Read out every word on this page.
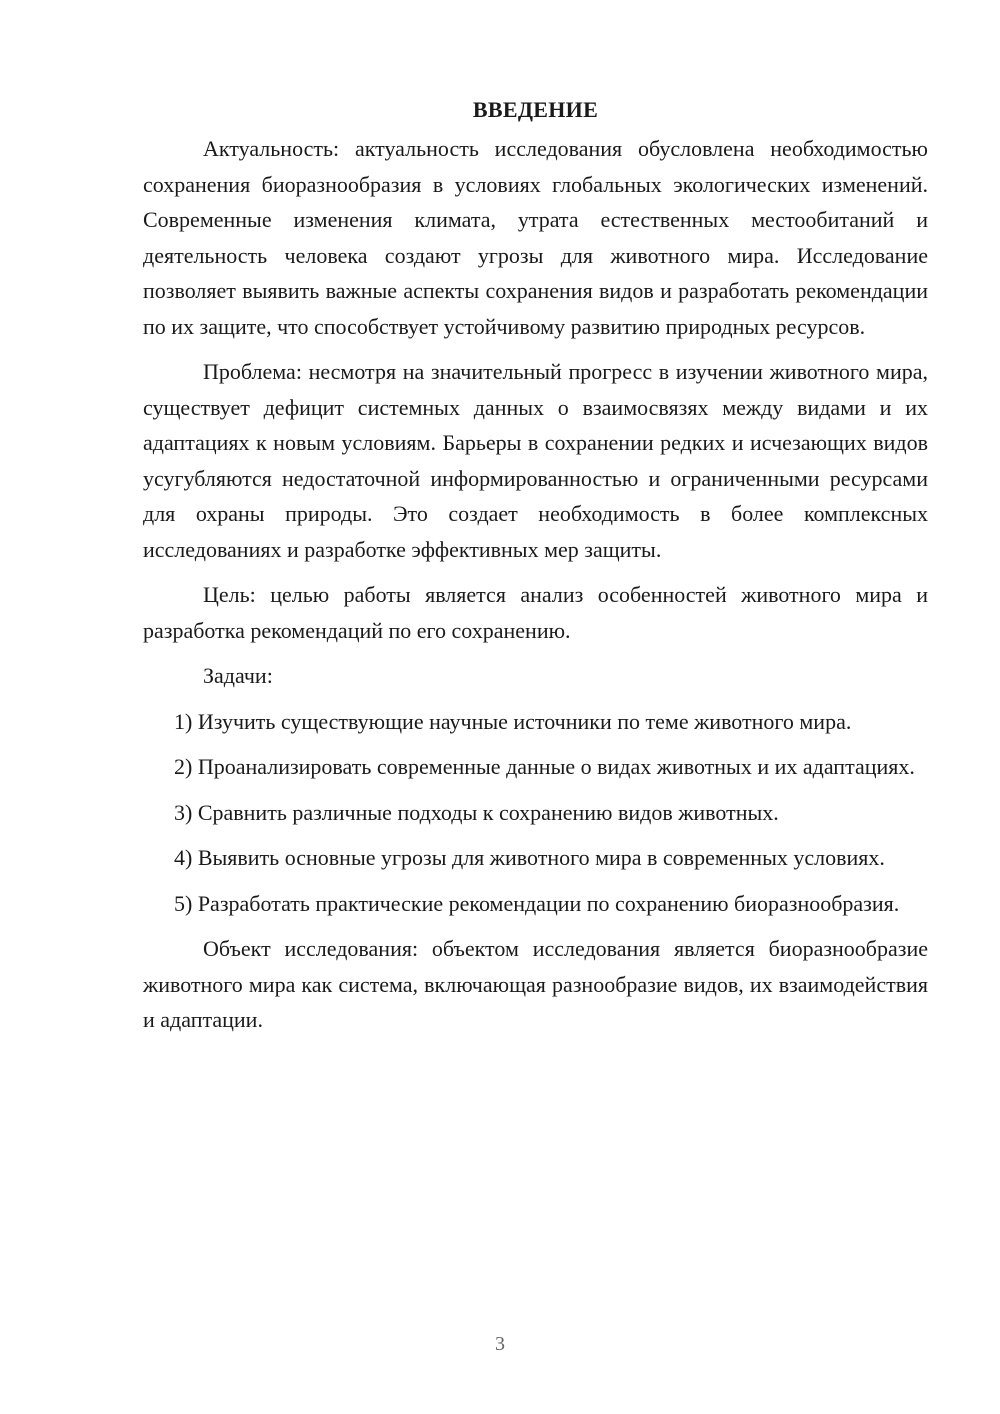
ВВЕДЕНИЕ

Актуальность: актуальность исследования обусловлена необходимостью сохранения биоразнообразия в условиях глобальных экологических изменений. Современные изменения климата, утрата естественных местообитаний и деятельность человека создают угрозы для животного мира. Исследование позволяет выявить важные аспекты сохранения видов и разработать рекомендации по их защите, что способствует устойчивому развитию природных ресурсов.

Проблема: несмотря на значительный прогресс в изучении животного мира, существует дефицит системных данных о взаимосвязях между видами и их адаптациях к новым условиям. Барьеры в сохранении редких и исчезающих видов усугубляются недостаточной информированностью и ограниченными ресурсами для охраны природы. Это создает необходимость в более комплексных исследованиях и разработке эффективных мер защиты.

Цель: целью работы является анализ особенностей животного мира и разработка рекомендаций по его сохранению.

Задачи:

1) Изучить существующие научные источники по теме животного мира.

2) Проанализировать современные данные о видах животных и их адаптациях.

3) Сравнить различные подходы к сохранению видов животных.

4) Выявить основные угрозы для животного мира в современных условиях.

5) Разработать практические рекомендации по сохранению биоразнообразия.

Объект исследования: объектом исследования является биоразнообразие животного мира как система, включающая разнообразие видов, их взаимодействия и адаптации.

3
